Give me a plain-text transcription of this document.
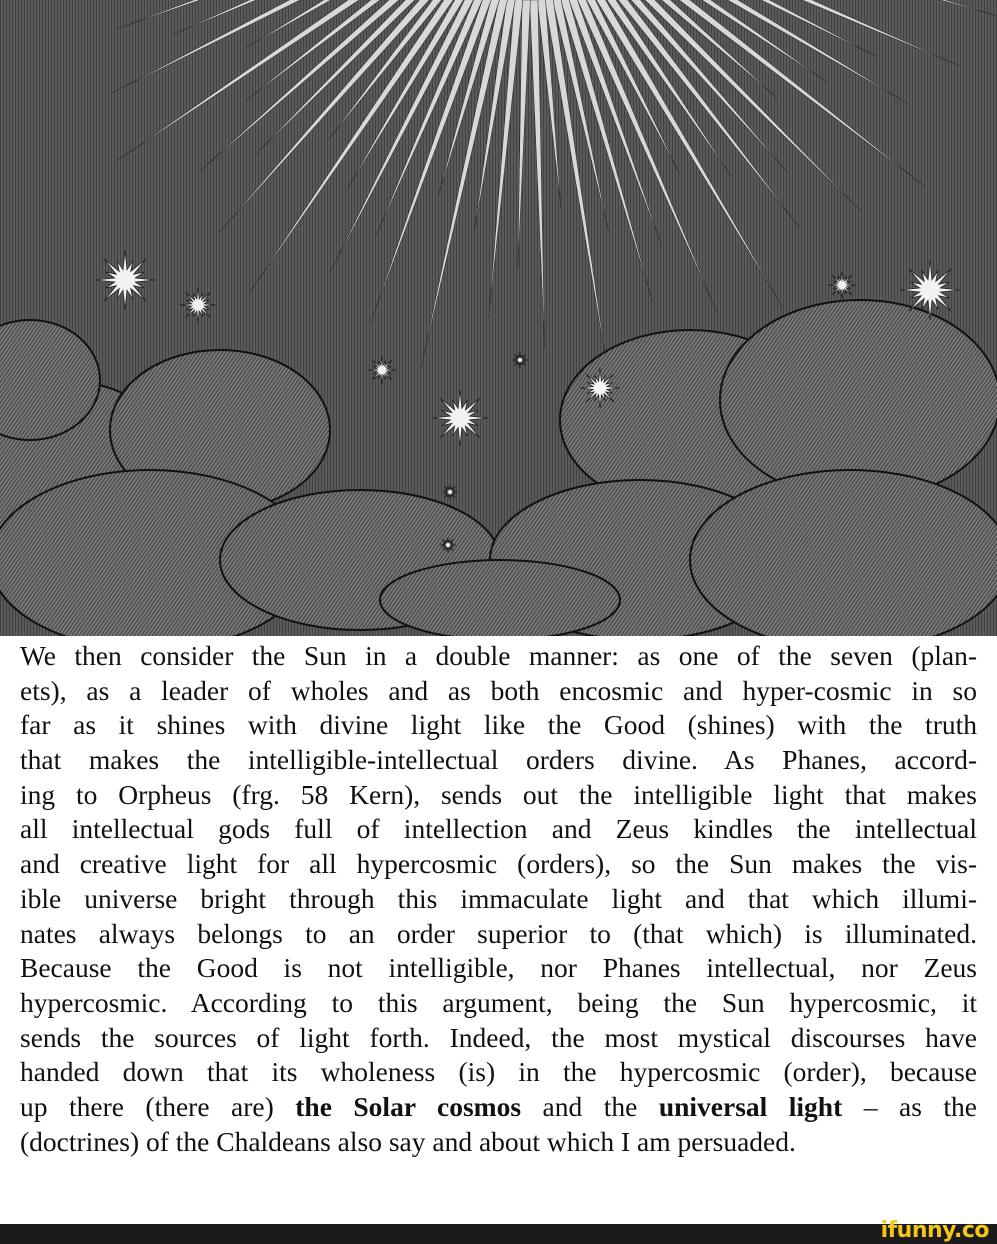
We then consider the Sun in a double manner: as one of the seven (plan-
ets), as a leader of wholes and as both encosmic and hyper-cosmic in so
far as it shines with divine light like the Good (shines) with the truth
that makes the intelligible-intellectual orders divine. As Phanes, accord-
ing to Orpheus (frg. 58 Kern), sends out the intelligible light that makes
all intellectual gods full of intellection and Zeus kindles the intellectual
and creative light for all hypercosmic (orders), so the Sun makes the vis-
ible universe bright through this immaculate light and that which illumi-
nates always belongs to an order superior to (that which) is illuminated.
Because the Good is not intelligible, nor Phanes intellectual, nor Zeus
hypercosmic. According to this argument, being the Sun hypercosmic, it
sends the sources of light forth. Indeed, the most mystical discourses have
handed down that its wholeness (is) in the hypercosmic (order), because
up there (there are) the Solar cosmos and the universal light – as the
(doctrines) of the Chaldeans also say and about which I am persuaded.
ifunny.co
